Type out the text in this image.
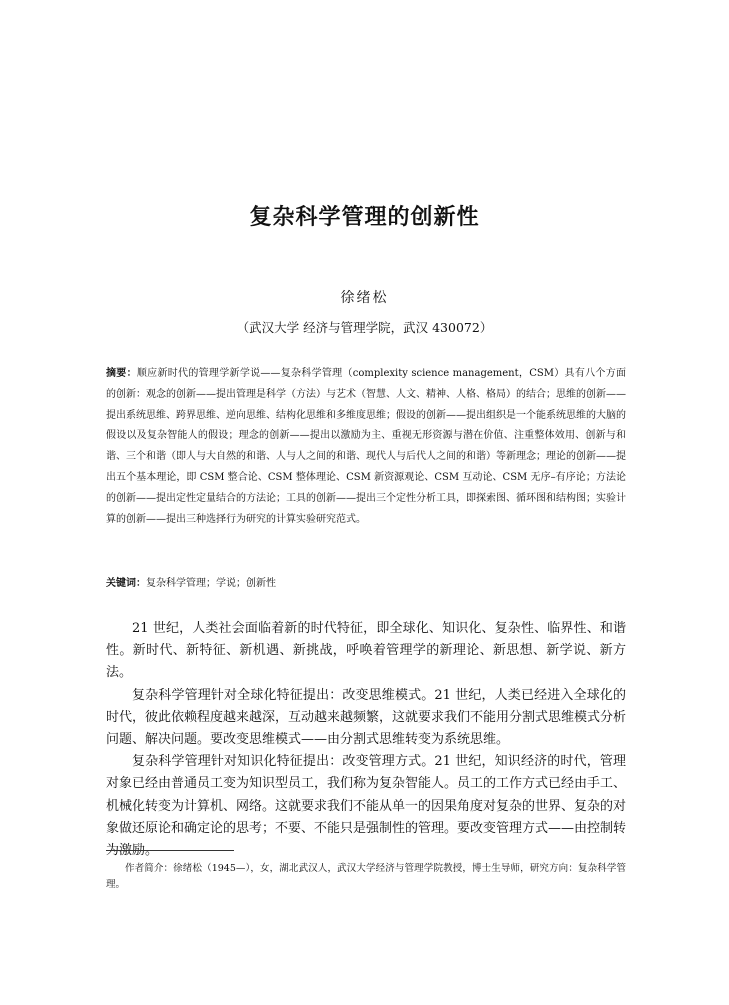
复杂科学管理的创新性
徐绪松
（武汉大学 经济与管理学院，武汉 430072）
摘要：顺应新时代的管理学新学说——复杂科学管理（complexity science management，CSM）具有八个方面的创新：观念的创新——提出管理是科学（方法）与艺术（智慧、人文、精神、人格、格局）的结合；思维的创新——提出系统思维、跨界思维、逆向思维、结构化思维和多维度思维；假设的创新——提出组织是一个能系统思维的大脑的假设以及复杂智能人的假设；理念的创新——提出以激励为主、重视无形资源与潜在价值、注重整体效用、创新与和谐、三个和谐（即人与大自然的和谐、人与人之间的和谐、现代人与后代人之间的和谐）等新理念；理论的创新——提出五个基本理论，即 CSM 整合论、CSM 整体理论、CSM 新资源观论、CSM 互动论、CSM 无序–有序论；方法论的创新——提出定性定量结合的方法论；工具的创新——提出三个定性分析工具，即探索图、循环图和结构图；实验计算的创新——提出三种选择行为研究的计算实验研究范式。
关键词：复杂科学管理；学说；创新性

21 世纪，人类社会面临着新的时代特征，即全球化、知识化、复杂性、临界性、和谐性。新时代、新特征、新机遇、新挑战，呼唤着管理学的新理论、新思想、新学说、新方法。

复杂科学管理针对全球化特征提出：改变思维模式。21 世纪，人类已经进入全球化的时代，彼此依赖程度越来越深，互动越来越频繁，这就要求我们不能用分割式思维模式分析问题、解决问题。要改变思维模式——由分割式思维转变为系统思维。

复杂科学管理针对知识化特征提出：改变管理方式。21 世纪，知识经济的时代，管理对象已经由普通员工变为知识型员工，我们称为复杂智能人。员工的工作方式已经由手工、机械化转变为计算机、网络。这就要求我们不能从单一的因果角度对复杂的世界、复杂的对象做还原论和确定论的思考；不要、不能只是强制性的管理。要改变管理方式——由控制转为激励。

作者简介：徐绪松（1945—），女，湖北武汉人，武汉大学经济与管理学院教授，博士生导师，研究方向：复杂科学管理。
